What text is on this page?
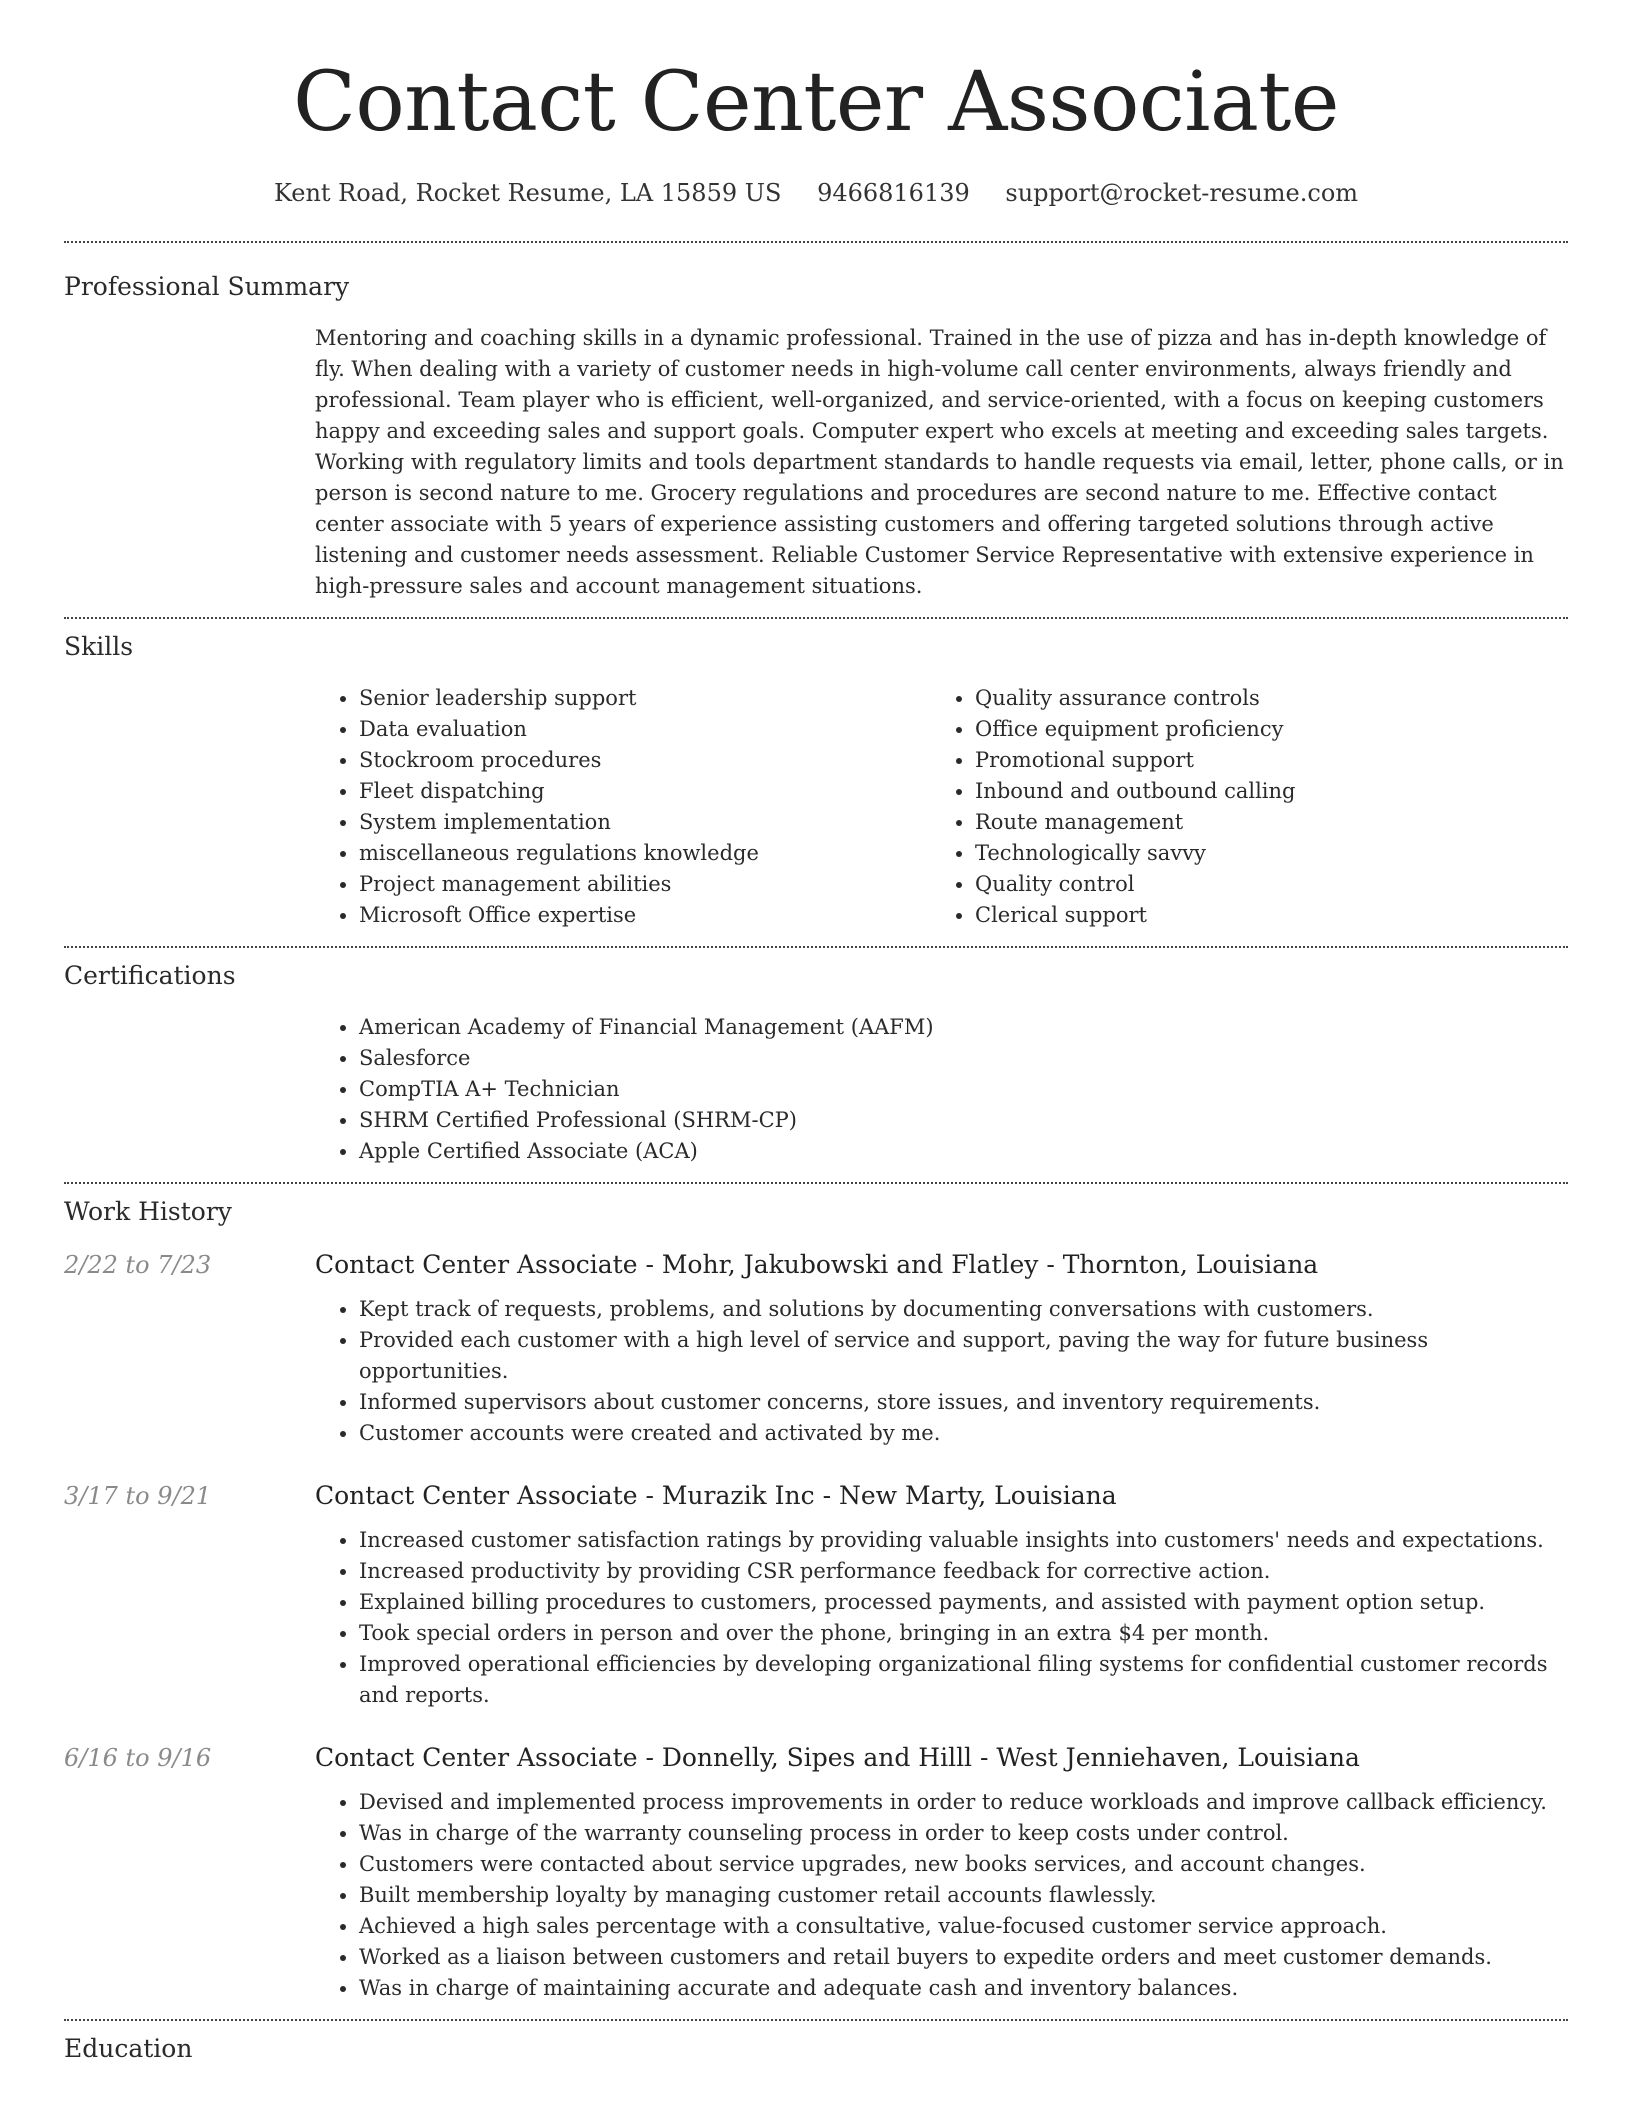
Contact Center Associate
Kent Road, Rocket Resume, LA 15859 US 9466816139 support@rocket-resume.com
Professional Summary
Mentoring and coaching skills in a dynamic professional. Trained in the use of pizza and has in-depth knowledge of fly. When dealing with a variety of customer needs in high-volume call center environments, always friendly and professional. Team player who is efficient, well-organized, and service-oriented, with a focus on keeping customers happy and exceeding sales and support goals. Computer expert who excels at meeting and exceeding sales targets. Working with regulatory limits and tools department standards to handle requests via email, letter, phone calls, or in person is second nature to me. Grocery regulations and procedures are second nature to me. Effective contact center associate with 5 years of experience assisting customers and offering targeted solutions through active listening and customer needs assessment. Reliable Customer Service Representative with extensive experience in high-pressure sales and account management situations.
Skills
• Senior leadership support
• Data evaluation
• Stockroom procedures
• Fleet dispatching
• System implementation
• miscellaneous regulations knowledge
• Project management abilities
• Microsoft Office expertise
• Quality assurance controls
• Office equipment proficiency
• Promotional support
• Inbound and outbound calling
• Route management
• Technologically savvy
• Quality control
• Clerical support
Certifications
• American Academy of Financial Management (AAFM)
• Salesforce
• CompTIA A+ Technician
• SHRM Certified Professional (SHRM-CP)
• Apple Certified Associate (ACA)
Work History
2/22 to 7/23	Contact Center Associate - Mohr, Jakubowski and Flatley - Thornton, Louisiana
• Kept track of requests, problems, and solutions by documenting conversations with customers.
• Provided each customer with a high level of service and support, paving the way for future business opportunities.
• Informed supervisors about customer concerns, store issues, and inventory requirements.
• Customer accounts were created and activated by me.
3/17 to 9/21	Contact Center Associate - Murazik Inc - New Marty, Louisiana
• Increased customer satisfaction ratings by providing valuable insights into customers' needs and expectations.
• Increased productivity by providing CSR performance feedback for corrective action.
• Explained billing procedures to customers, processed payments, and assisted with payment option setup.
• Took special orders in person and over the phone, bringing in an extra $4 per month.
• Improved operational efficiencies by developing organizational filing systems for confidential customer records and reports.
6/16 to 9/16	Contact Center Associate - Donnelly, Sipes and Hilll - West Jenniehaven, Louisiana
• Devised and implemented process improvements in order to reduce workloads and improve callback efficiency.
• Was in charge of the warranty counseling process in order to keep costs under control.
• Customers were contacted about service upgrades, new books services, and account changes.
• Built membership loyalty by managing customer retail accounts flawlessly.
• Achieved a high sales percentage with a consultative, value-focused customer service approach.
• Worked as a liaison between customers and retail buyers to expedite orders and meet customer demands.
• Was in charge of maintaining accurate and adequate cash and inventory balances.
Education
